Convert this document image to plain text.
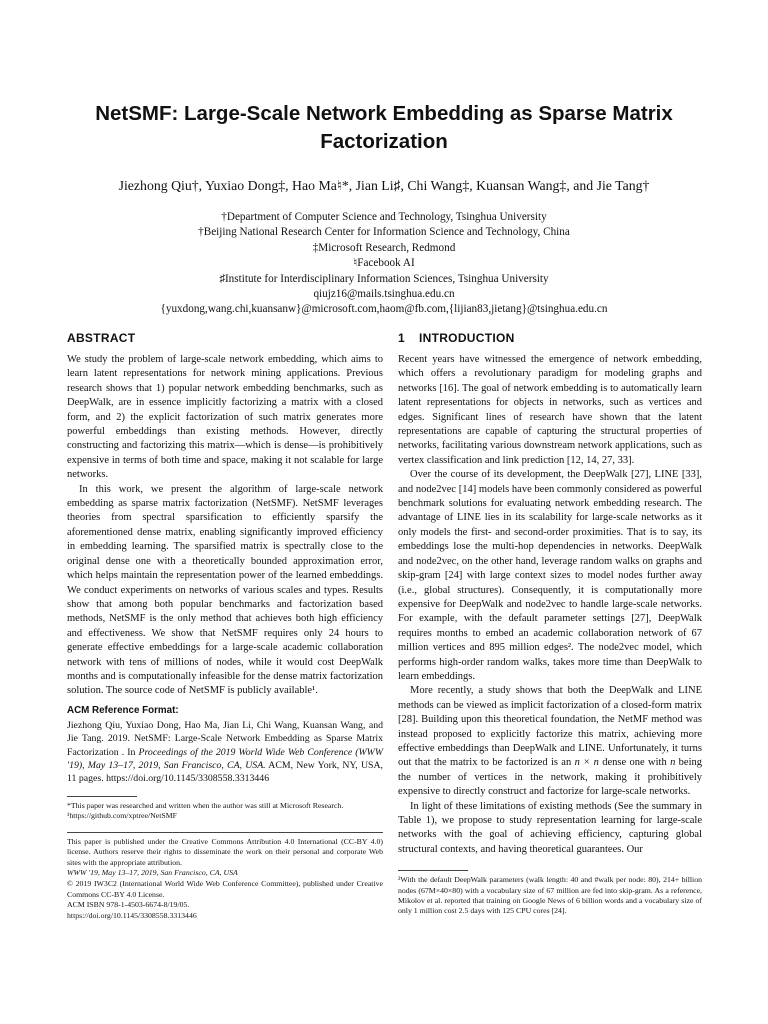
NetSMF: Large-Scale Network Embedding as Sparse Matrix Factorization
Jiezhong Qiu†, Yuxiao Dong‡, Hao Ma♮*, Jian Li♯, Chi Wang‡, Kuansan Wang‡, and Jie Tang†
†Department of Computer Science and Technology, Tsinghua University
†Beijing National Research Center for Information Science and Technology, China
‡Microsoft Research, Redmond
♮Facebook AI
♯Institute for Interdisciplinary Information Sciences, Tsinghua University
qiujz16@mails.tsinghua.edu.cn
{yuxdong,wang.chi,kuansanw}@microsoft.com,haom@fb.com,{lijian83,jietang}@tsinghua.edu.cn
ABSTRACT

We study the problem of large-scale network embedding, which aims to learn latent representations for network mining applications. Previous research shows that 1) popular network embedding benchmarks, such as DeepWalk, are in essence implicitly factorizing a matrix with a closed form, and 2) the explicit factorization of such matrix generates more powerful embeddings than existing methods. However, directly constructing and factorizing this matrix—which is dense—is prohibitively expensive in terms of both time and space, making it not scalable for large networks.

In this work, we present the algorithm of large-scale network embedding as sparse matrix factorization (NetSMF). NetSMF leverages theories from spectral sparsification to efficiently sparsify the aforementioned dense matrix, enabling significantly improved efficiency in embedding learning. The sparsified matrix is spectrally close to the original dense one with a theoretically bounded approximation error, which helps maintain the representation power of the learned embeddings. We conduct experiments on networks of various scales and types. Results show that among both popular benchmarks and factorization based methods, NetSMF is the only method that achieves both high efficiency and effectiveness. We show that NetSMF requires only 24 hours to generate effective embeddings for a large-scale academic collaboration network with tens of millions of nodes, while it would cost DeepWalk months and is computationally infeasible for the dense matrix factorization solution. The source code of NetSMF is publicly available¹.

ACM Reference Format:
Jiezhong Qiu, Yuxiao Dong, Hao Ma, Jian Li, Chi Wang, Kuansan Wang, and Jie Tang. 2019. NetSMF: Large-Scale Network Embedding as Sparse Matrix Factorization . In Proceedings of the 2019 World Wide Web Conference (WWW '19), May 13–17, 2019, San Francisco, CA, USA. ACM, New York, NY, USA, 11 pages. https://doi.org/10.1145/3308558.3313446
*This paper was researched and written when the author was still at Microsoft Research.
¹https://github.com/xptree/NetSMF
This paper is published under the Creative Commons Attribution 4.0 International (CC-BY 4.0) license. Authors reserve their rights to disseminate the work on their personal and corporate Web sites with the appropriate attribution.
WWW '19, May 13–17, 2019, San Francisco, CA, USA
© 2019 IW3C2 (International World Wide Web Conference Committee), published under Creative Commons CC-BY 4.0 License.
ACM ISBN 978-1-4503-6674-8/19/05.
https://doi.org/10.1145/3308558.3313446
1 INTRODUCTION

Recent years have witnessed the emergence of network embedding, which offers a revolutionary paradigm for modeling graphs and networks [16]. The goal of network embedding is to automatically learn latent representations for objects in networks, such as vertices and edges. Significant lines of research have shown that the latent representations are capable of capturing the structural properties of networks, facilitating various downstream network applications, such as vertex classification and link prediction [12, 14, 27, 33].

Over the course of its development, the DeepWalk [27], LINE [33], and node2vec [14] models have been commonly considered as powerful benchmark solutions for evaluating network embedding research. The advantage of LINE lies in its scalability for large-scale networks as it only models the first- and second-order proximities. That is to say, its embeddings lose the multi-hop dependencies in networks. DeepWalk and node2vec, on the other hand, leverage random walks on graphs and skip-gram [24] with large context sizes to model nodes further away (i.e., global structures). Consequently, it is computationally more expensive for DeepWalk and node2vec to handle large-scale networks. For example, with the default parameter settings [27], DeepWalk requires months to embed an academic collaboration network of 67 million vertices and 895 million edges². The node2vec model, which performs high-order random walks, takes more time than DeepWalk to learn embeddings.

More recently, a study shows that both the DeepWalk and LINE methods can be viewed as implicit factorization of a closed-form matrix [28]. Building upon this theoretical foundation, the NetMF method was instead proposed to explicitly factorize this matrix, achieving more effective embeddings than DeepWalk and LINE. Unfortunately, it turns out that the matrix to be factorized is an n × n dense one with n being the number of vertices in the network, making it prohibitively expensive to directly construct and factorize for large-scale networks.

In light of these limitations of existing methods (See the summary in Table 1), we propose to study representation learning for large-scale networks with the goal of achieving efficiency, capturing global structural contexts, and having theoretical guarantees. Our

²With the default DeepWalk parameters (walk length: 40 and #walk per node: 80), 214+ billion nodes (67M×40×80) with a vocabulary size of 67 million are fed into skip-gram. As a reference, Mikolov et al. reported that training on Google News of 6 billion words and a vocabulary size of only 1 million cost 2.5 days with 125 CPU cores [24].
